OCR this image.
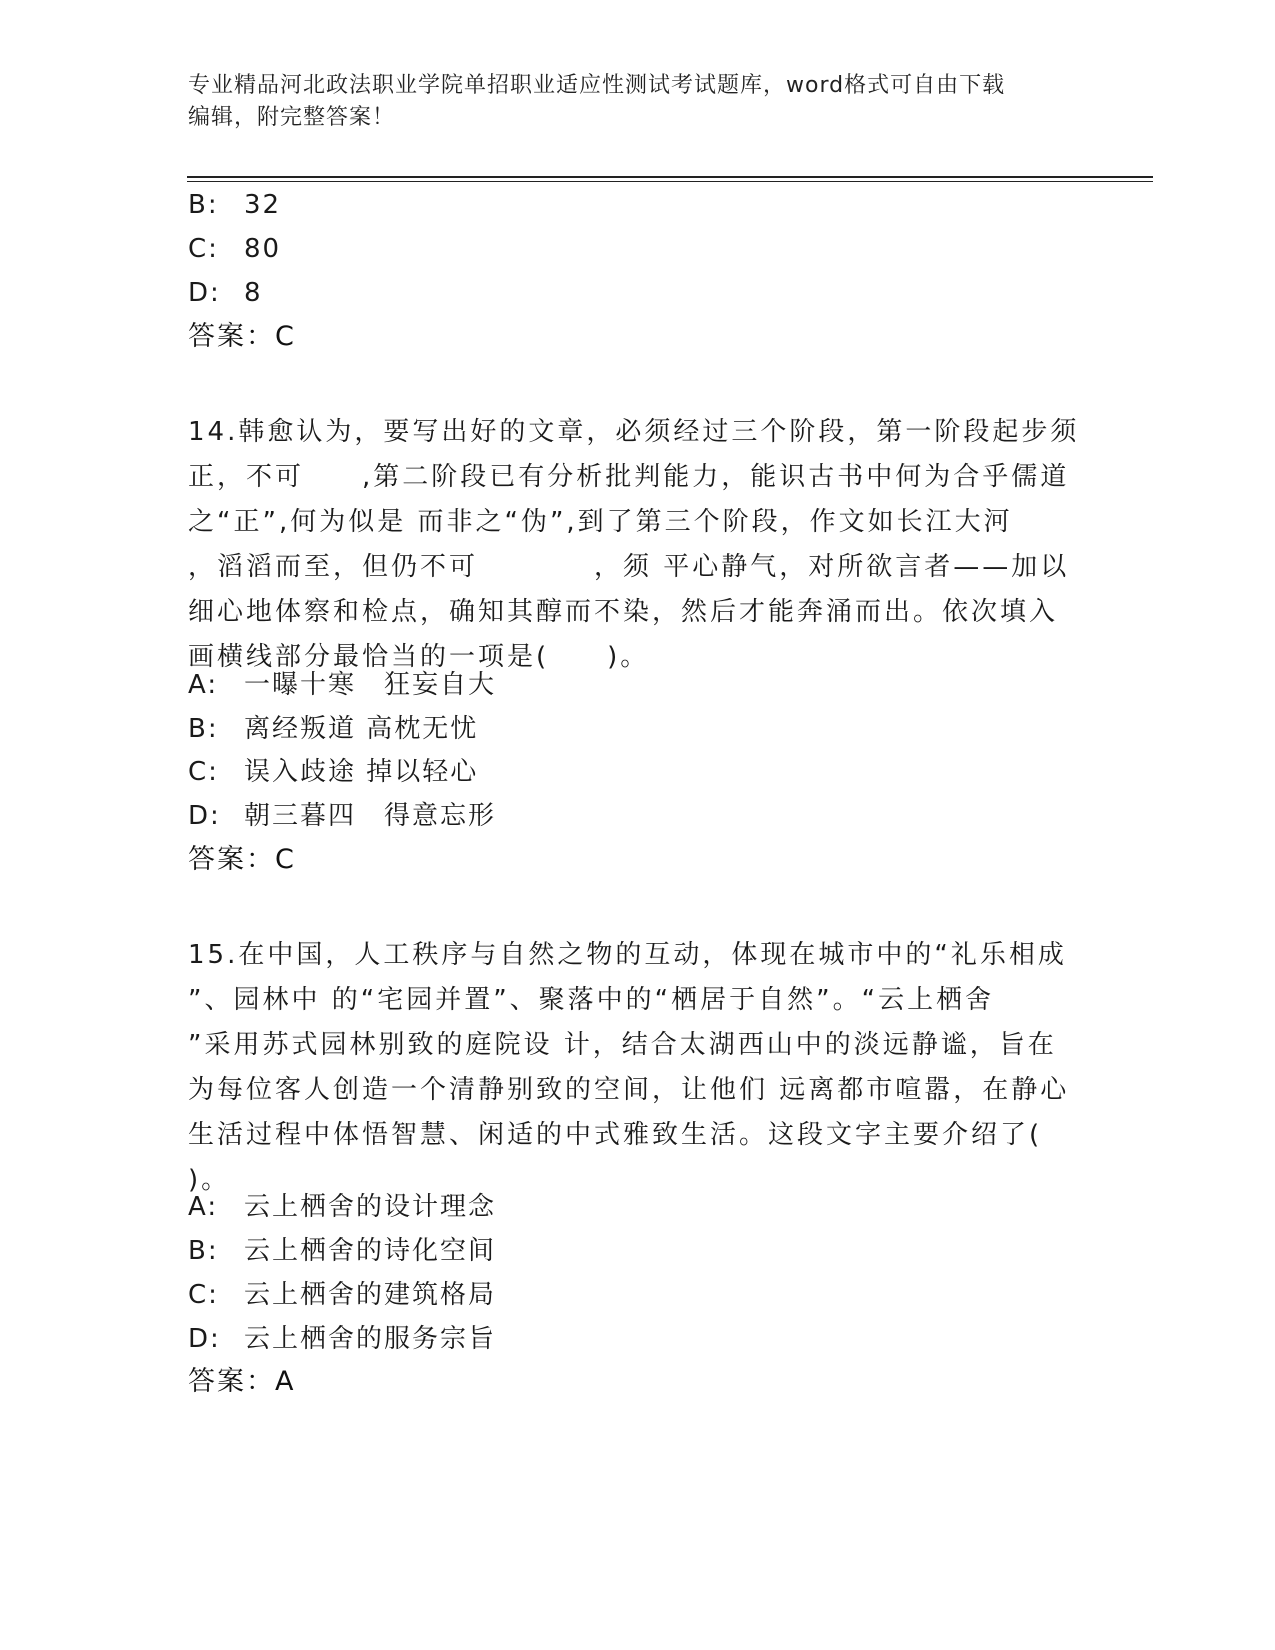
专业精品河北政法职业学院单招职业适应性测试考试题库，word格式可自由下载
编辑，附完整答案！
B: 32
C: 80
D: 8
答案：C
14.韩愈认为，要写出好的文章，必须经过三个阶段，第一阶段起步须
正，不可　　,第二阶段已有分析批判能力，能识古书中何为合乎儒道
之“正”,何为似是 而非之“伪”,到了第三个阶段，作文如长江大河
，滔滔而至，但仍不可　　　　，须 平心静气，对所欲言者——加以
细心地体察和检点，确知其醇而不染，然后才能奔涌而出。依次填入
画横线部分最恰当的一项是(　　)。
A: 一曝十寒　狂妄自大
B: 离经叛道 高枕无忧
C: 误入歧途 掉以轻心
D: 朝三暮四　得意忘形
答案：C
15.在中国，人工秩序与自然之物的互动，体现在城市中的“礼乐相成
”、园林中 的“宅园并置”、聚落中的“栖居于自然”。“云上栖舍
”采用苏式园林别致的庭院设 计，结合太湖西山中的淡远静谧，旨在
为每位客人创造一个清静别致的空间，让他们 远离都市喧嚣，在静心
生活过程中体悟智慧、闲适的中式雅致生活。这段文字主要介绍了(
)。
A: 云上栖舍的设计理念
B: 云上栖舍的诗化空间
C: 云上栖舍的建筑格局
D: 云上栖舍的服务宗旨
答案：A
